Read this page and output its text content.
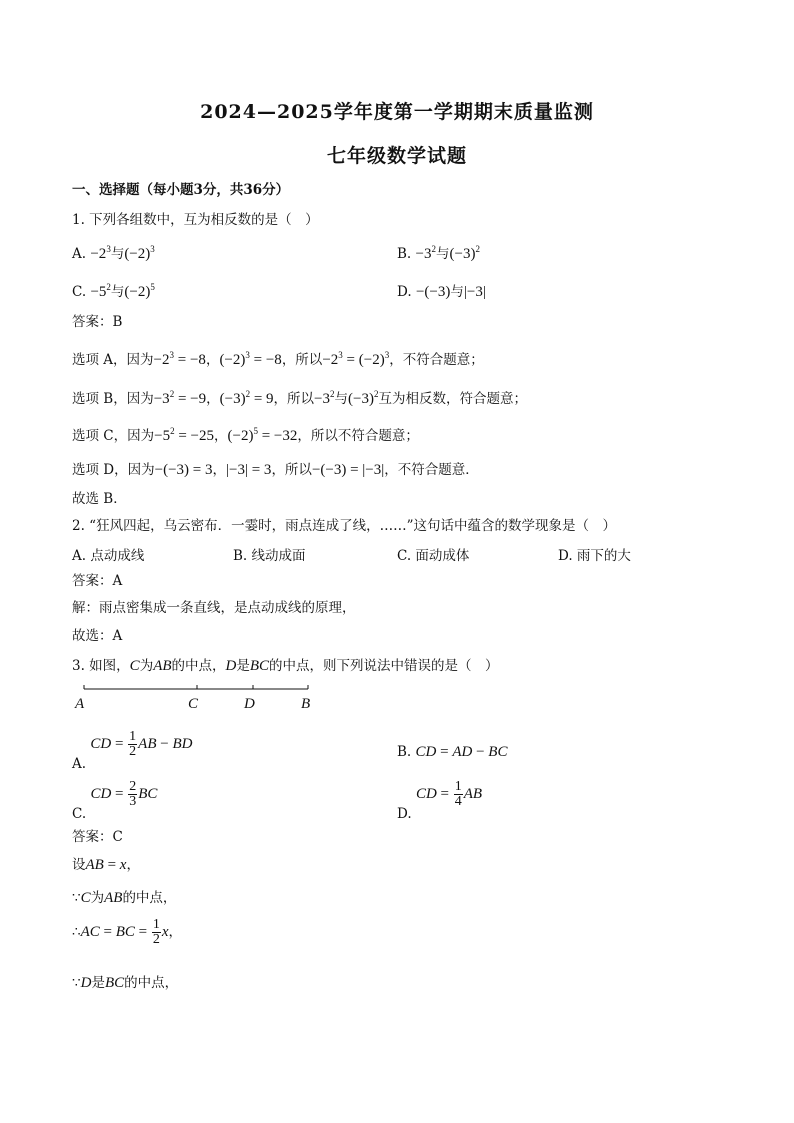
2024—2025学年度第一学期期末质量监测
七年级数学试题
一、选择题（每小题3分，共36分）
1. 下列各组数中，互为相反数的是（　）
A. $-2^3$与$(-2)^3$	B. $-3^2$与$(-3)^2$
C. $-5^2$与$(-2)^5$	D. −(−3)与|−3|
答案：B
选项 A，因为$-2^3 = -8$，$(-2)^3 = -8$，所以$-2^3 = (-2)^3$，不符合题意；
选项 B，因为$-3^2 = -9$，$(-3)^2 = 9$，所以$-3^2$与$(-3)^2$互为相反数，符合题意；
选项 C，因为$-5^2 = -25$，$(-2)^5 = -32$，所以不符合题意；
选项 D，因为−(−3) = 3，|−3| = 3，所以−(−3) = |−3|，不符合题意．
故选 B．
2. “狂风四起，乌云密布．一霎时，雨点连成了线，……”这句话中蕴含的数学现象是（　）
A. 点动成线	B. 线动成面	C. 面动成体	D. 雨下的大
答案：A
解：雨点密集成一条直线，是点动成线的原理，
故选：A
3. 如图，C为AB的中点，D是BC的中点，则下列说法中错误的是（　）
A	C	D	B
A. CD = $\frac{1}{2}$ AB − BD	B. CD = AD − BC
C. CD = $\frac{2}{3}$ BC
D. CD = $\frac{1}{4}$ AB
答案：C
设AB = x，
∵C为AB的中点，
∴AC = BC = $\frac{1}{2}$ x，
∵D是BC的中点，
